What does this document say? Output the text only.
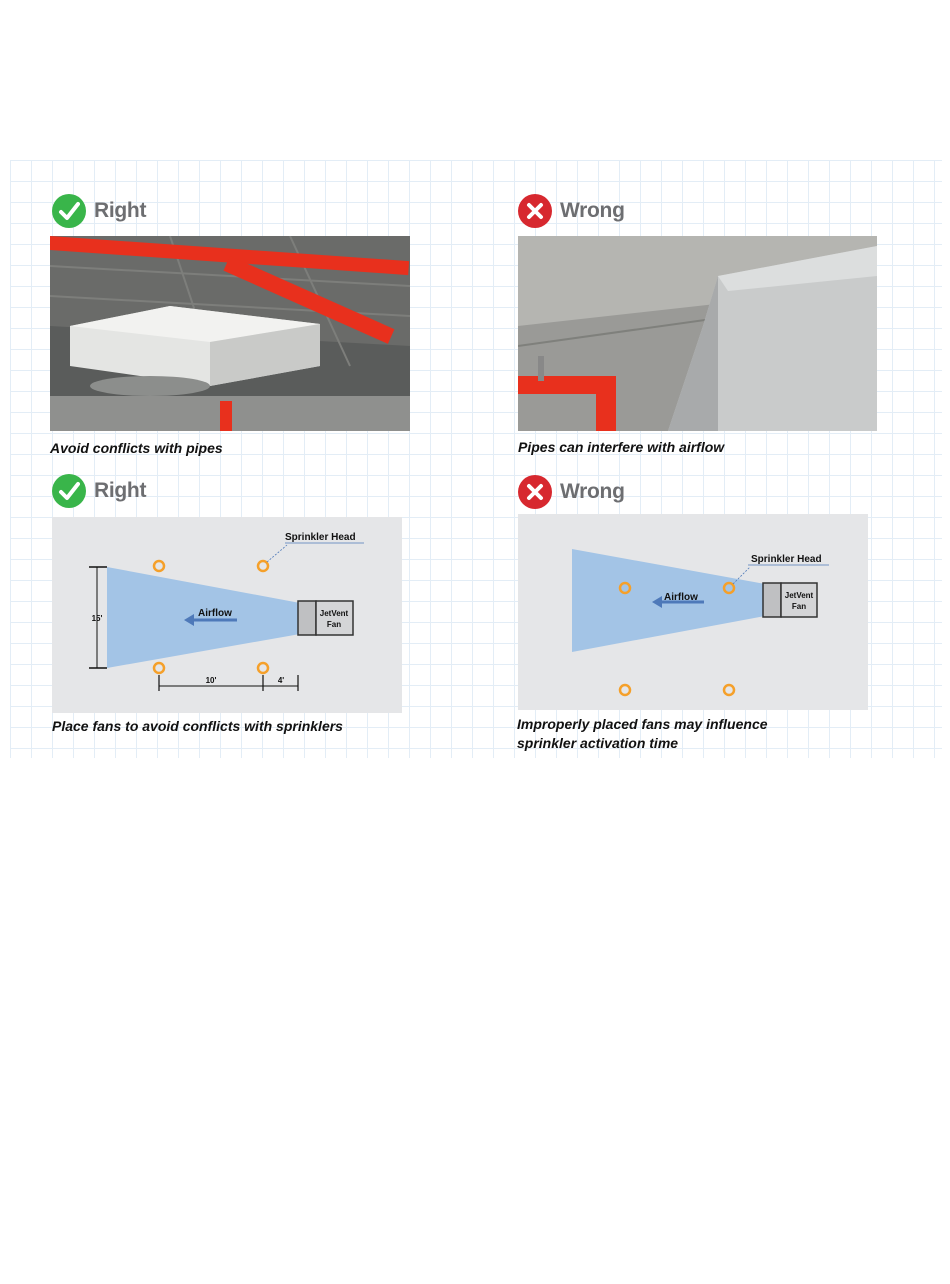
Right
Avoid conflicts with pipes
Wrong
Pipes can interfere with airflow
Right
JetVent
Fan
Airflow
Sprinkler Head
15'
10'	4'
Place fans to avoid conflicts with sprinklers
Wrong
JetVent
Fan
Airflow
Sprinkler Head
Improperly placed fans may influence
sprinkler activation time
